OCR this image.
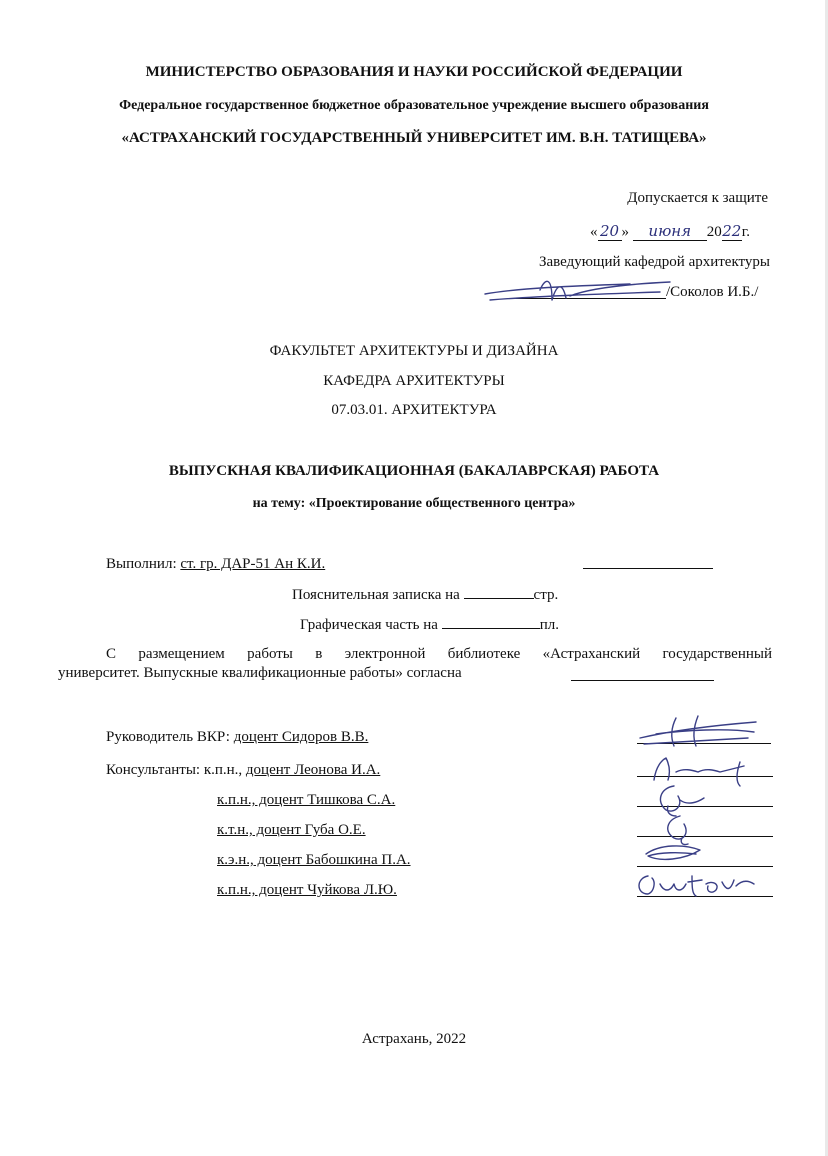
МИНИСТЕРСТВО ОБРАЗОВАНИЯ И НАУКИ РОССИЙСКОЙ ФЕДЕРАЦИИ
Федеральное государственное бюджетное образовательное учреждение высшего образования
«АСТРАХАНСКИЙ ГОСУДАРСТВЕННЫЙ УНИВЕРСИТЕТ ИМ. В.Н. ТАТИЩЕВА»
Допускается к защите
« 20 » июня 2022г.
Заведующий кафедрой архитектуры
/Соколов И.Б./
ФАКУЛЬТЕТ АРХИТЕКТУРЫ И ДИЗАЙНА
КАФЕДРА АРХИТЕКТУРЫ
07.03.01. АРХИТЕКТУРА
ВЫПУСКНАЯ КВАЛИФИКАЦИОННАЯ (БАКАЛАВРСКАЯ) РАБОТА
на тему: «Проектирование общественного центра»
Выполнил: ст. гр. ДАР-51 Ан К.И.
Пояснительная записка на	стр.
Графическая часть на	пл.
С размещением работы в электронной библиотеке «Астраханский государственный
университет. Выпускные квалификационные работы» согласна
Руководитель ВКР: доцент Сидоров В.В.
Консультанты: к.п.н., доцент Леонова И.А.
к.п.н., доцент Тишкова С.А.
к.т.н., доцент Губа О.Е.
к.э.н., доцент Бабошкина П.А.
к.п.н., доцент Чуйкова Л.Ю.
Астрахань, 2022
